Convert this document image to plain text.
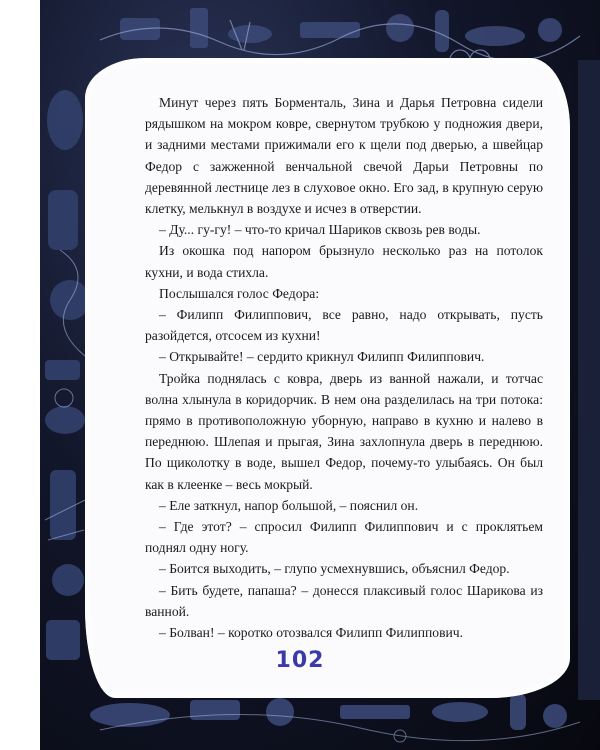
Минут через пять Борменталь, Зина и Дарья Петровна сидели рядышком на мокром ковре, свернутом трубкою у подножия двери, и задними местами прижимали его к щели под дверью, а швейцар Федор с зажженной венчальной свечой Дарьи Петровны по деревянной лестнице лез в слуховое окно. Его зад, в крупную серую клетку, мелькнул в воздухе и исчез в отверстии.

– Ду... гу-гу! – что-то кричал Шариков сквозь рев воды.

Из окошка под напором брызнуло несколько раз на потолок кухни, и вода стихла.

Послышался голос Федора:

– Филипп Филиппович, все равно, надо открывать, пусть разойдется, отсосем из кухни!

– Открывайте! – сердито крикнул Филипп Филиппович.

Тройка поднялась с ковра, дверь из ванной нажали, и тотчас волна хлынула в коридорчик. В нем она разделилась на три потока: прямо в противоположную уборную, направо в кухню и налево в переднюю. Шлепая и прыгая, Зина захлопнула дверь в переднюю. По щиколотку в воде, вышел Федор, почему-то улыбаясь. Он был как в клеенке – весь мокрый.

– Еле заткнул, напор большой, – пояснил он.

– Где этот? – спросил Филипп Филиппович и с проклятьем поднял одну ногу.

– Боится выходить, – глупо усмехнувшись, объяснил Федор.

– Бить будете, папаша? – донесся плаксивый голос Шарикова из ванной.

– Болван! – коротко отозвался Филипп Филиппович.

102
